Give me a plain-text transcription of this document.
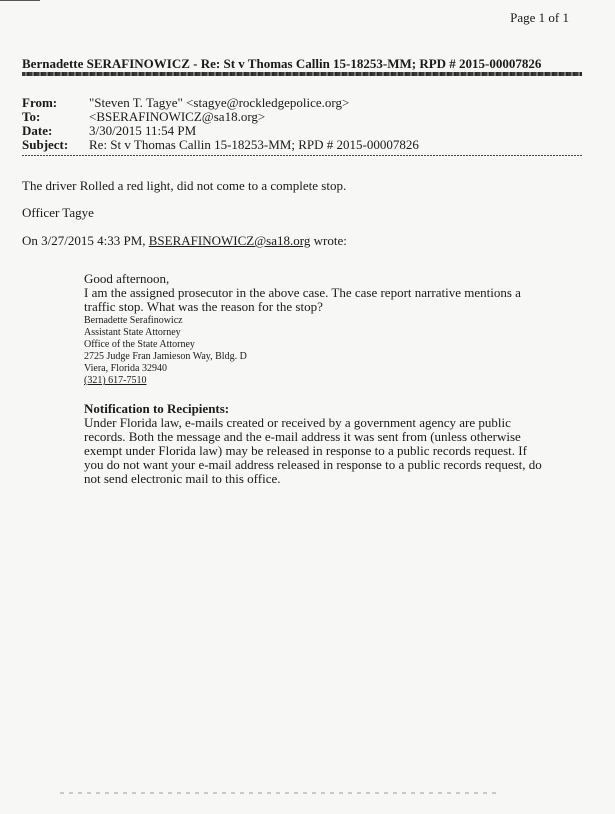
Page 1 of 1
Bernadette SERAFINOWICZ - Re: St v Thomas Callin 15-18253-MM; RPD # 2015-00007826
From:	"Steven T. Tagye" <stagye@rockledgepolice.org>
To:	<BSERAFINOWICZ@sa18.org>
Date:	3/30/2015 11:54 PM
Subject:	Re: St v Thomas Callin 15-18253-MM; RPD # 2015-00007826
The driver Rolled a red light, did not come to a complete stop.
Officer Tagye
On 3/27/2015 4:33 PM, BSERAFINOWICZ@sa18.org wrote:
Good afternoon,
I am the assigned prosecutor in the above case. The case report narrative mentions a traffic stop. What was the reason for the stop?
Bernadette Serafinowicz
Assistant State Attorney
Office of the State Attorney
2725 Judge Fran Jamieson Way, Bldg. D
Viera, Florida 32940
(321) 617-7510
Notification to Recipients:
Under Florida law, e-mails created or received by a government agency are public records. Both the message and the e-mail address it was sent from (unless otherwise exempt under Florida law) may be released in response to a public records request. If you do not want your e-mail address released in response to a public records request, do not send electronic mail to this office.
